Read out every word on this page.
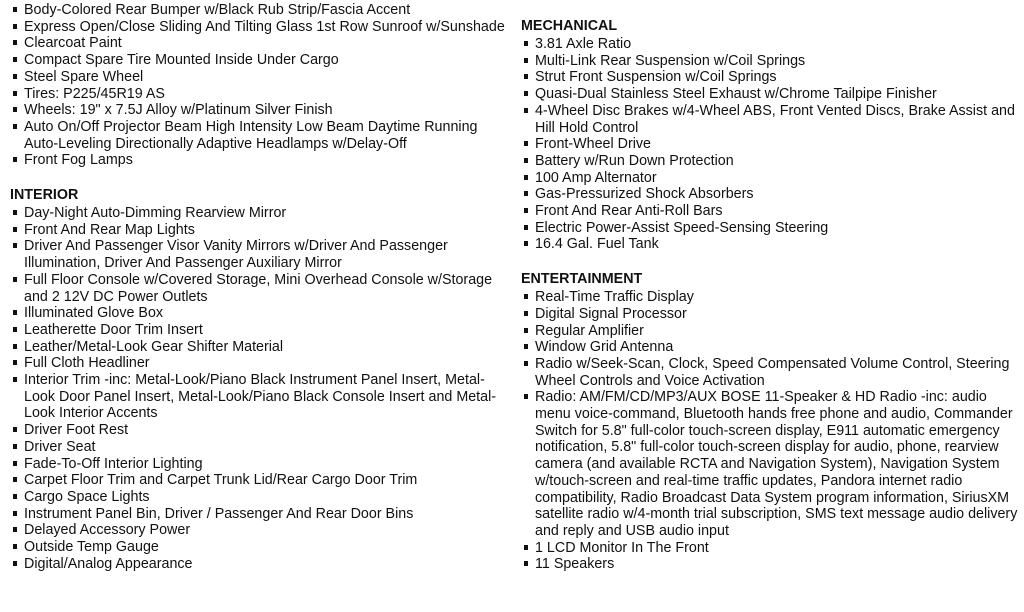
Body-Colored Rear Bumper w/Black Rub Strip/Fascia Accent
Express Open/Close Sliding And Tilting Glass 1st Row Sunroof w/Sunshade
Clearcoat Paint
Compact Spare Tire Mounted Inside Under Cargo
Steel Spare Wheel
Tires: P225/45R19 AS
Wheels: 19" x 7.5J Alloy w/Platinum Silver Finish
Auto On/Off Projector Beam High Intensity Low Beam Daytime Running Auto-Leveling Directionally Adaptive Headlamps w/Delay-Off
Front Fog Lamps
INTERIOR
Day-Night Auto-Dimming Rearview Mirror
Front And Rear Map Lights
Driver And Passenger Visor Vanity Mirrors w/Driver And Passenger Illumination, Driver And Passenger Auxiliary Mirror
Full Floor Console w/Covered Storage, Mini Overhead Console w/Storage and 2 12V DC Power Outlets
Illuminated Glove Box
Leatherette Door Trim Insert
Leather/Metal-Look Gear Shifter Material
Full Cloth Headliner
Interior Trim -inc: Metal-Look/Piano Black Instrument Panel Insert, Metal-Look Door Panel Insert, Metal-Look/Piano Black Console Insert and Metal-Look Interior Accents
Driver Foot Rest
Driver Seat
Fade-To-Off Interior Lighting
Carpet Floor Trim and Carpet Trunk Lid/Rear Cargo Door Trim
Cargo Space Lights
Instrument Panel Bin, Driver / Passenger And Rear Door Bins
Delayed Accessory Power
Outside Temp Gauge
Digital/Analog Appearance
MECHANICAL
3.81 Axle Ratio
Multi-Link Rear Suspension w/Coil Springs
Strut Front Suspension w/Coil Springs
Quasi-Dual Stainless Steel Exhaust w/Chrome Tailpipe Finisher
4-Wheel Disc Brakes w/4-Wheel ABS, Front Vented Discs, Brake Assist and Hill Hold Control
Front-Wheel Drive
Battery w/Run Down Protection
100 Amp Alternator
Gas-Pressurized Shock Absorbers
Front And Rear Anti-Roll Bars
Electric Power-Assist Speed-Sensing Steering
16.4 Gal. Fuel Tank
ENTERTAINMENT
Real-Time Traffic Display
Digital Signal Processor
Regular Amplifier
Window Grid Antenna
Radio w/Seek-Scan, Clock, Speed Compensated Volume Control, Steering Wheel Controls and Voice Activation
Radio: AM/FM/CD/MP3/AUX BOSE 11-Speaker & HD Radio -inc: audio menu voice-command, Bluetooth hands free phone and audio, Commander Switch for 5.8" full-color touch-screen display, E911 automatic emergency notification, 5.8" full-color touch-screen display for audio, phone, rearview camera (and available RCTA and Navigation System), Navigation System w/touch-screen and real-time traffic updates, Pandora internet radio compatibility, Radio Broadcast Data System program information, SiriusXM satellite radio w/4-month trial subscription, SMS text message audio delivery and reply and USB audio input
1 LCD Monitor In The Front
11 Speakers
